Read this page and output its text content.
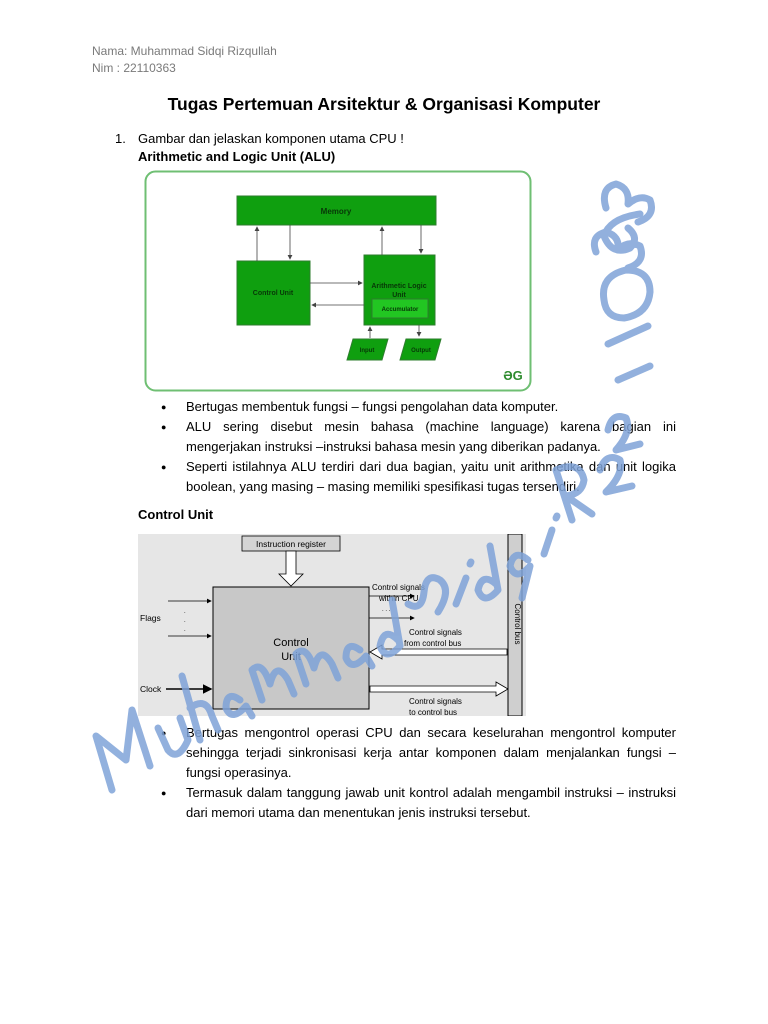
Nama: Muhammad Sidqi Rizqullah
Nim : 22110363
Tugas Pertemuan Arsitektur & Organisasi Komputer
1. Gambar dan jelaskan komponen utama CPU !
Arithmetic and Logic Unit (ALU)
Memory
Control Unit
Arithmetic Logic
Unit
Accumulator
Input	Output
ƏG
● Bertugas membentuk fungsi – fungsi pengolahan data komputer.
● ALU sering disebut mesin bahasa (machine language) karena bagian ini mengerjakan instruksi –instruksi bahasa mesin yang diberikan padanya.
● Seperti istilahnya ALU terdiri dari dua bagian, yaitu unit arithmetika dan unit logika boolean, yang masing – masing memiliki spesifikasi tugas tersendiri.
Control Unit
Instruction register
Control
Unit
Flags
.
.
.
Clock
. . .
Control signals
within CPU
Control signals
from control bus
Control signals
to control bus
Control bus
● Bertugas mengontrol operasi CPU dan secara keselurahan mengontrol komputer sehingga terjadi sinkronisasi kerja antar komponen dalam menjalankan fungsi – fungsi operasinya.
● Termasuk dalam tanggung jawab unit kontrol adalah mengambil instruksi – instruksi dari memori utama dan menentukan jenis instruksi tersebut.
